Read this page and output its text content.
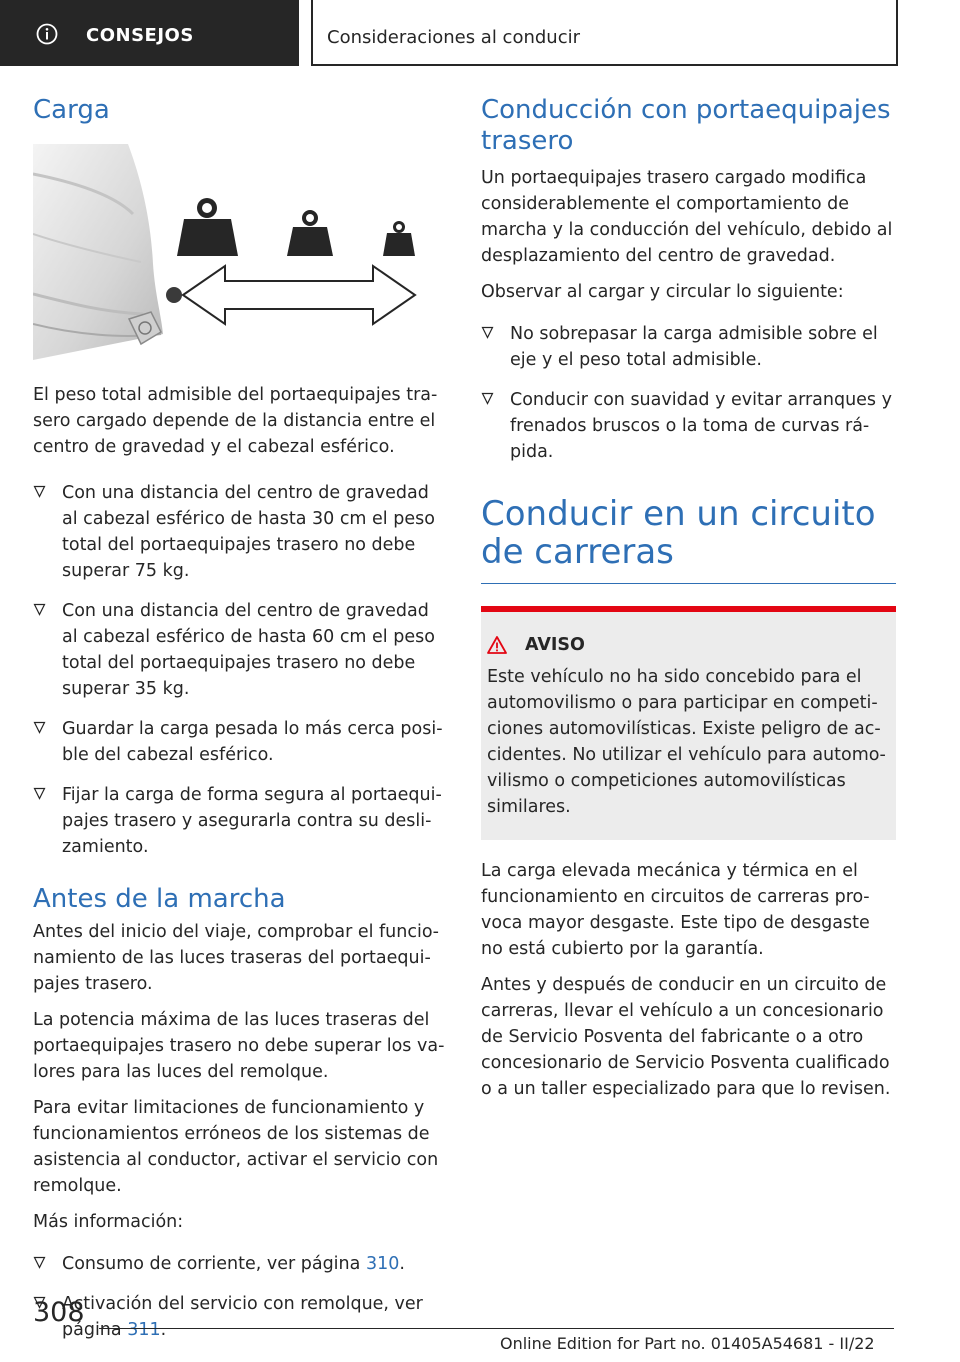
CONSEJOS	Consideraciones al conducir
Carga

El peso total admisible del portaequipajes trasero cargado depende de la distancia entre el centro de gravedad y el cabezal esférico.

Con una distancia del centro de gravedad al cabezal esférico de hasta 30 cm el peso total del portaequipajes trasero no debe superar 75 kg.
Con una distancia del centro de gravedad al cabezal esférico de hasta 60 cm el peso total del portaequipajes trasero no debe superar 35 kg.
Guardar la carga pesada lo más cerca posible del cabezal esférico.
Fijar la carga de forma segura al portaequipajes trasero y asegurarla contra su deslizamiento.
Antes de la marcha

Antes del inicio del viaje, comprobar el funcionamiento de las luces traseras del portaequipajes trasero.

La potencia máxima de las luces traseras del portaequipajes trasero no debe superar los valores para las luces del remolque.

Para evitar limitaciones de funcionamiento y funcionamientos erróneos de los sistemas de asistencia al conductor, activar el servicio con remolque.

Más información:

Consumo de corriente, ver página 310.
Activación del servicio con remolque, ver página 311.
Conducción con portaequipajes trasero

Un portaequipajes trasero cargado modifica considerablemente el comportamiento de marcha y la conducción del vehículo, debido al desplazamiento del centro de gravedad.

Observar al cargar y circular lo siguiente:

No sobrepasar la carga admisible sobre el eje y el peso total admisible.
Conducir con suavidad y evitar arranques y frenados bruscos o la toma de curvas rápida.
Conducir en un circuito de carreras
AVISO

Este vehículo no ha sido concebido para el automovilismo o para participar en competiciones automovilísticas. Existe peligro de accidentes. No utilizar el vehículo para automovilismo o competiciones automovilísticas similares.

La carga elevada mecánica y térmica en el funcionamiento en circuitos de carreras provoca mayor desgaste. Este tipo de desgaste no está cubierto por la garantía.

Antes y después de conducir en un circuito de carreras, llevar el vehículo a un concesionario de Servicio Posventa del fabricante o a otro concesionario de Servicio Posventa cualificado o a un taller especializado para que lo revisen.

308
Online Edition for Part no. 01405A54681 - II/22
